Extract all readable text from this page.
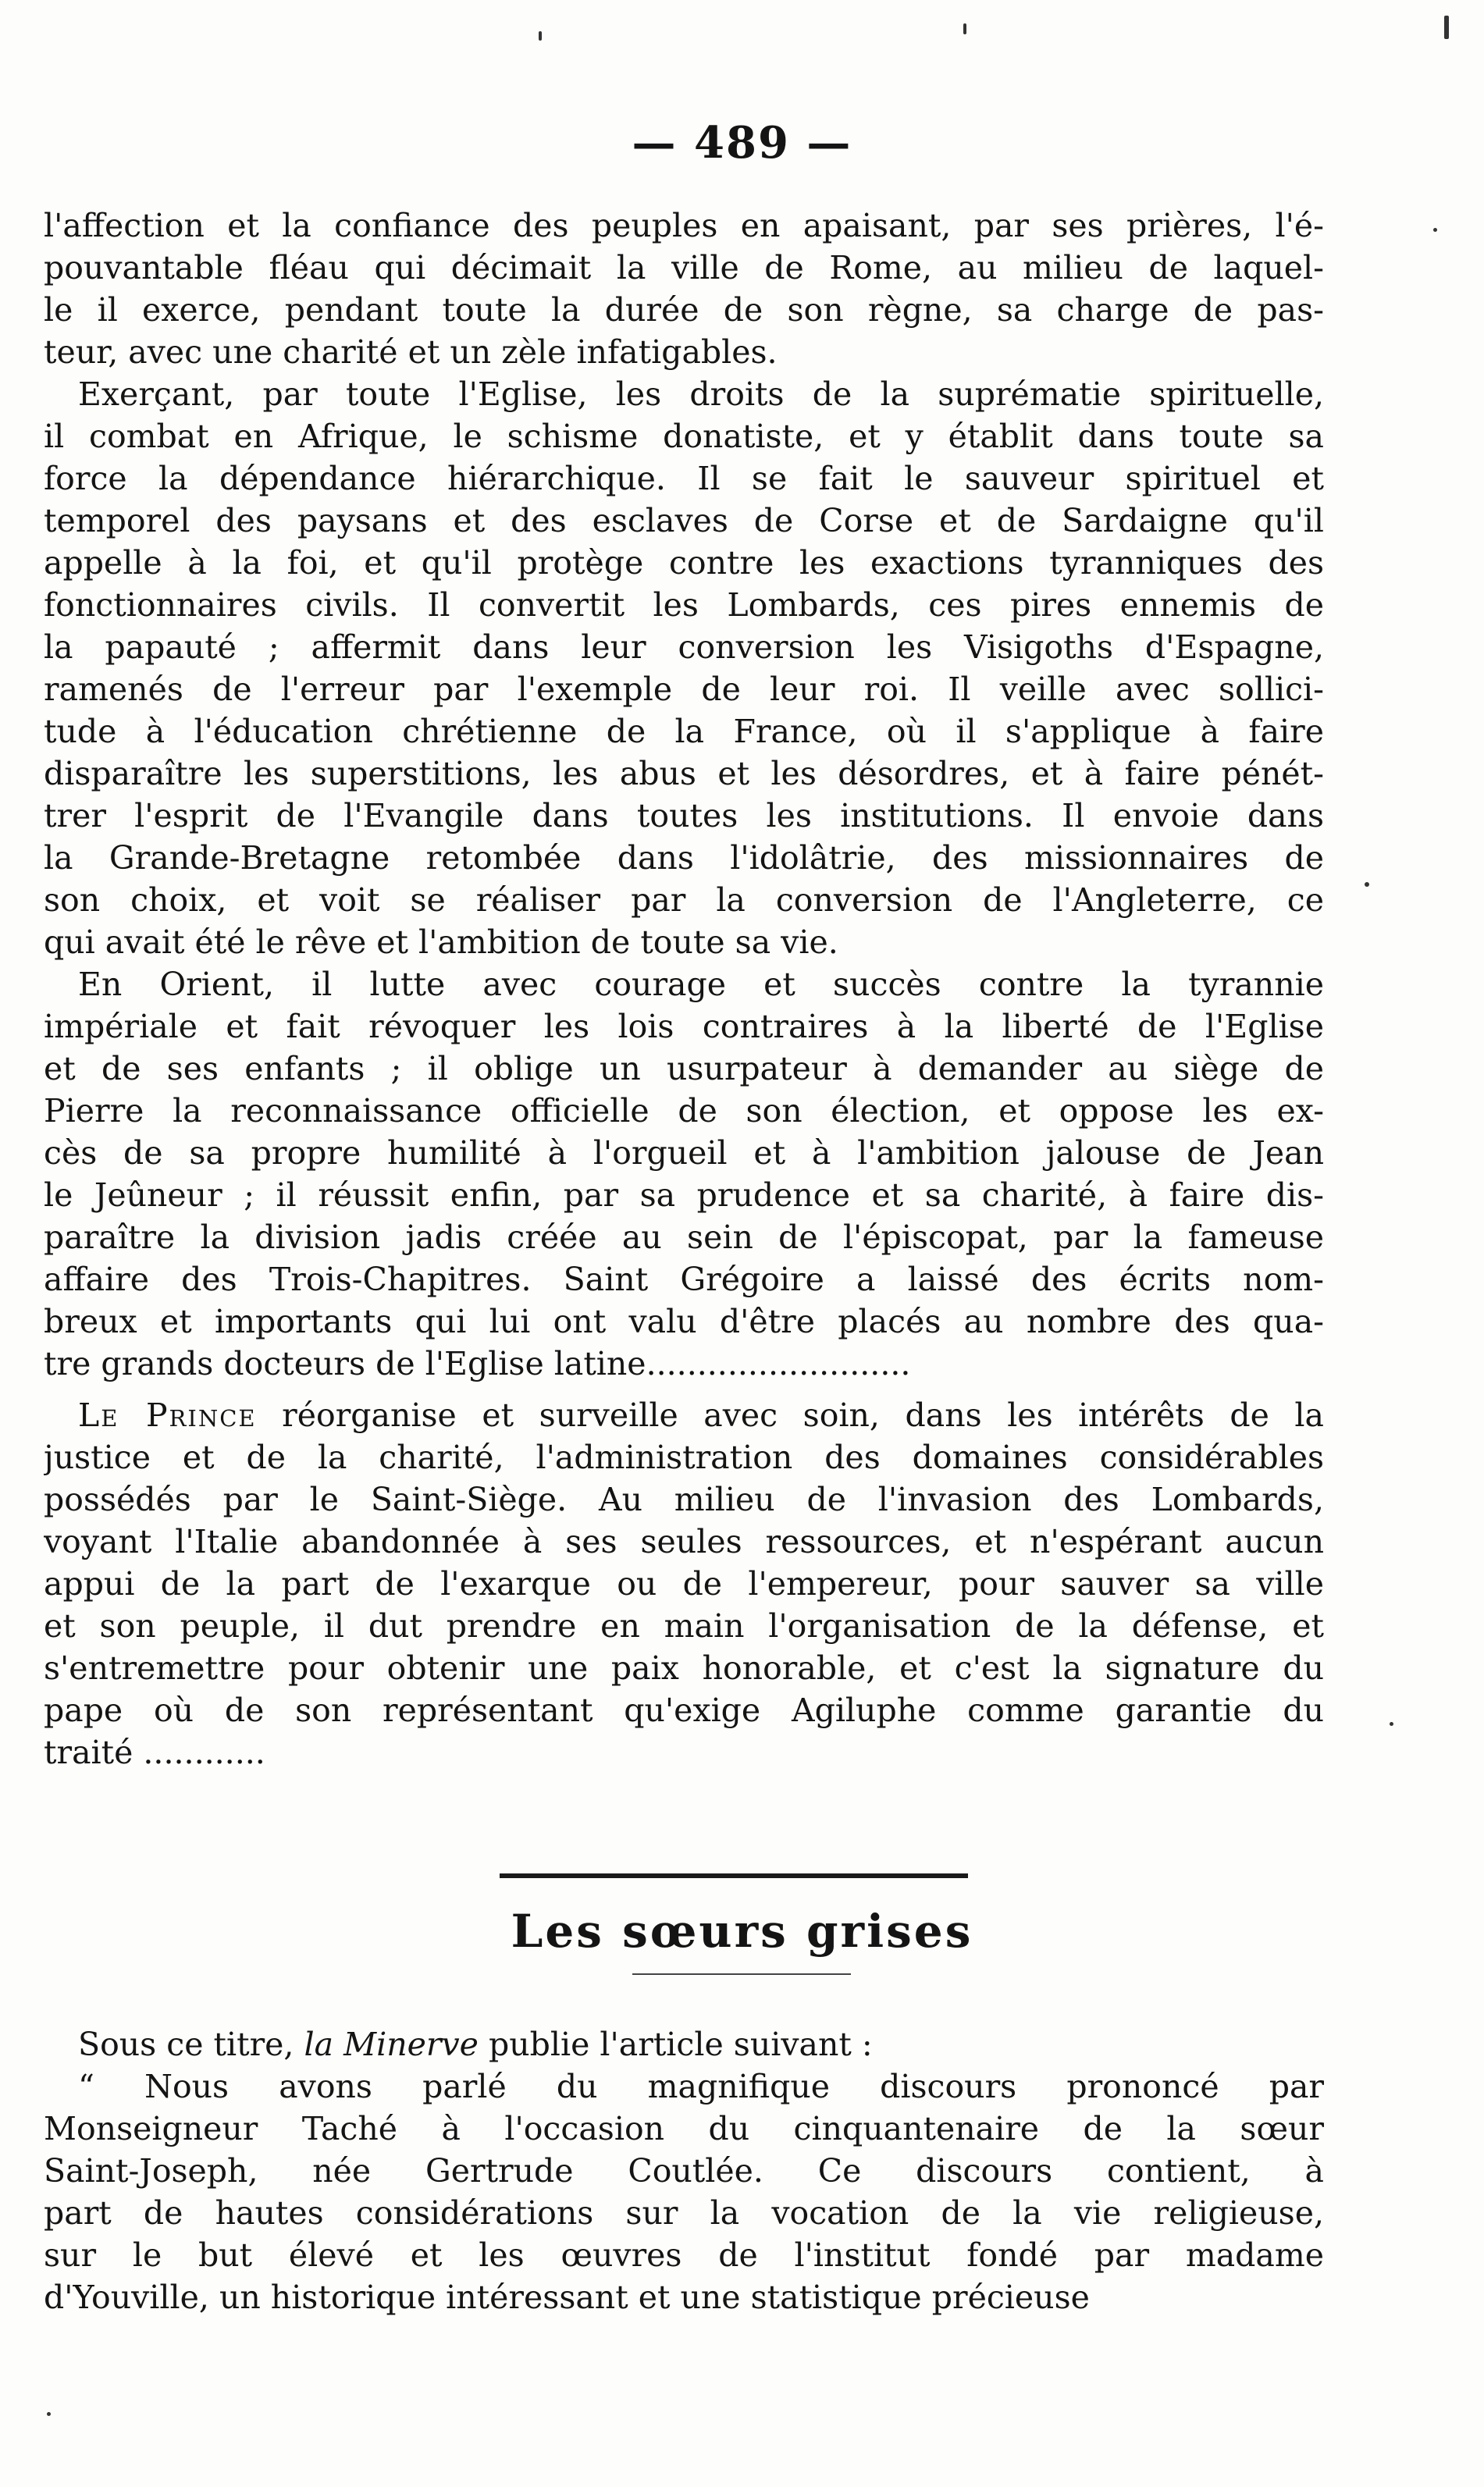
— 489 —
l'affection et la confiance des peuples en apaisant, par ses prières, l'é-
pouvantable fléau qui décimait la ville de Rome, au milieu de laquel-
le il exerce, pendant toute la durée de son règne, sa charge de pas-
teur, avec une charité et un zèle infatigables.
Exerçant, par toute l'Eglise, les droits de la suprématie spirituelle,
il combat en Afrique, le schisme donatiste, et y établit dans toute sa
force la dépendance hiérarchique. Il se fait le sauveur spirituel et
temporel des paysans et des esclaves de Corse et de Sardaigne qu'il
appelle à la foi, et qu'il protège contre les exactions tyranniques des
fonctionnaires civils. Il convertit les Lombards, ces pires ennemis de
la papauté ; affermit dans leur conversion les Visigoths d'Espagne,
ramenés de l'erreur par l'exemple de leur roi. Il veille avec sollici-
tude à l'éducation chrétienne de la France, où il s'applique à faire
disparaître les superstitions, les abus et les désordres, et à faire pénét-
trer l'esprit de l'Evangile dans toutes les institutions. Il envoie dans
la Grande-Bretagne retombée dans l'idolâtrie, des missionnaires de
son choix, et voit se réaliser par la conversion de l'Angleterre, ce
qui avait été le rêve et l'ambition de toute sa vie.
En Orient, il lutte avec courage et succès contre la tyrannie
impériale et fait révoquer les lois contraires à la liberté de l'Eglise
et de ses enfants ; il oblige un usurpateur à demander au siège de
Pierre la reconnaissance officielle de son élection, et oppose les ex-
cès de sa propre humilité à l'orgueil et à l'ambition jalouse de Jean
le Jeûneur ; il réussit enfin, par sa prudence et sa charité, à faire dis-
paraître la division jadis créée au sein de l'épiscopat, par la fameuse
affaire des Trois-Chapitres. Saint Grégoire a laissé des écrits nom-
breux et importants qui lui ont valu d'être placés au nombre des qua-
tre grands docteurs de l'Eglise latine..........................
Le Prince réorganise et surveille avec soin, dans les intérêts de la
justice et de la charité, l'administration des domaines considérables
possédés par le Saint-Siège. Au milieu de l'invasion des Lombards,
voyant l'Italie abandonnée à ses seules ressources, et n'espérant aucun
appui de la part de l'exarque ou de l'empereur, pour sauver sa ville
et son peuple, il dut prendre en main l'organisation de la défense, et
s'entremettre pour obtenir une paix honorable, et c'est la signature du
pape où de son représentant qu'exige Agiluphe comme garantie du
traité ............
Les sœurs grises
Sous ce titre, la Minerve publie l'article suivant :
“ Nous avons parlé du magnifique discours prononcé par
Monseigneur Taché à l'occasion du cinquantenaire de la sœur
Saint-Joseph, née Gertrude Coutlée. Ce discours contient, à
part de hautes considérations sur la vocation de la vie religieuse,
sur le but élevé et les œuvres de l'institut fondé par madame
d'Youville, un historique intéressant et une statistique précieuse
